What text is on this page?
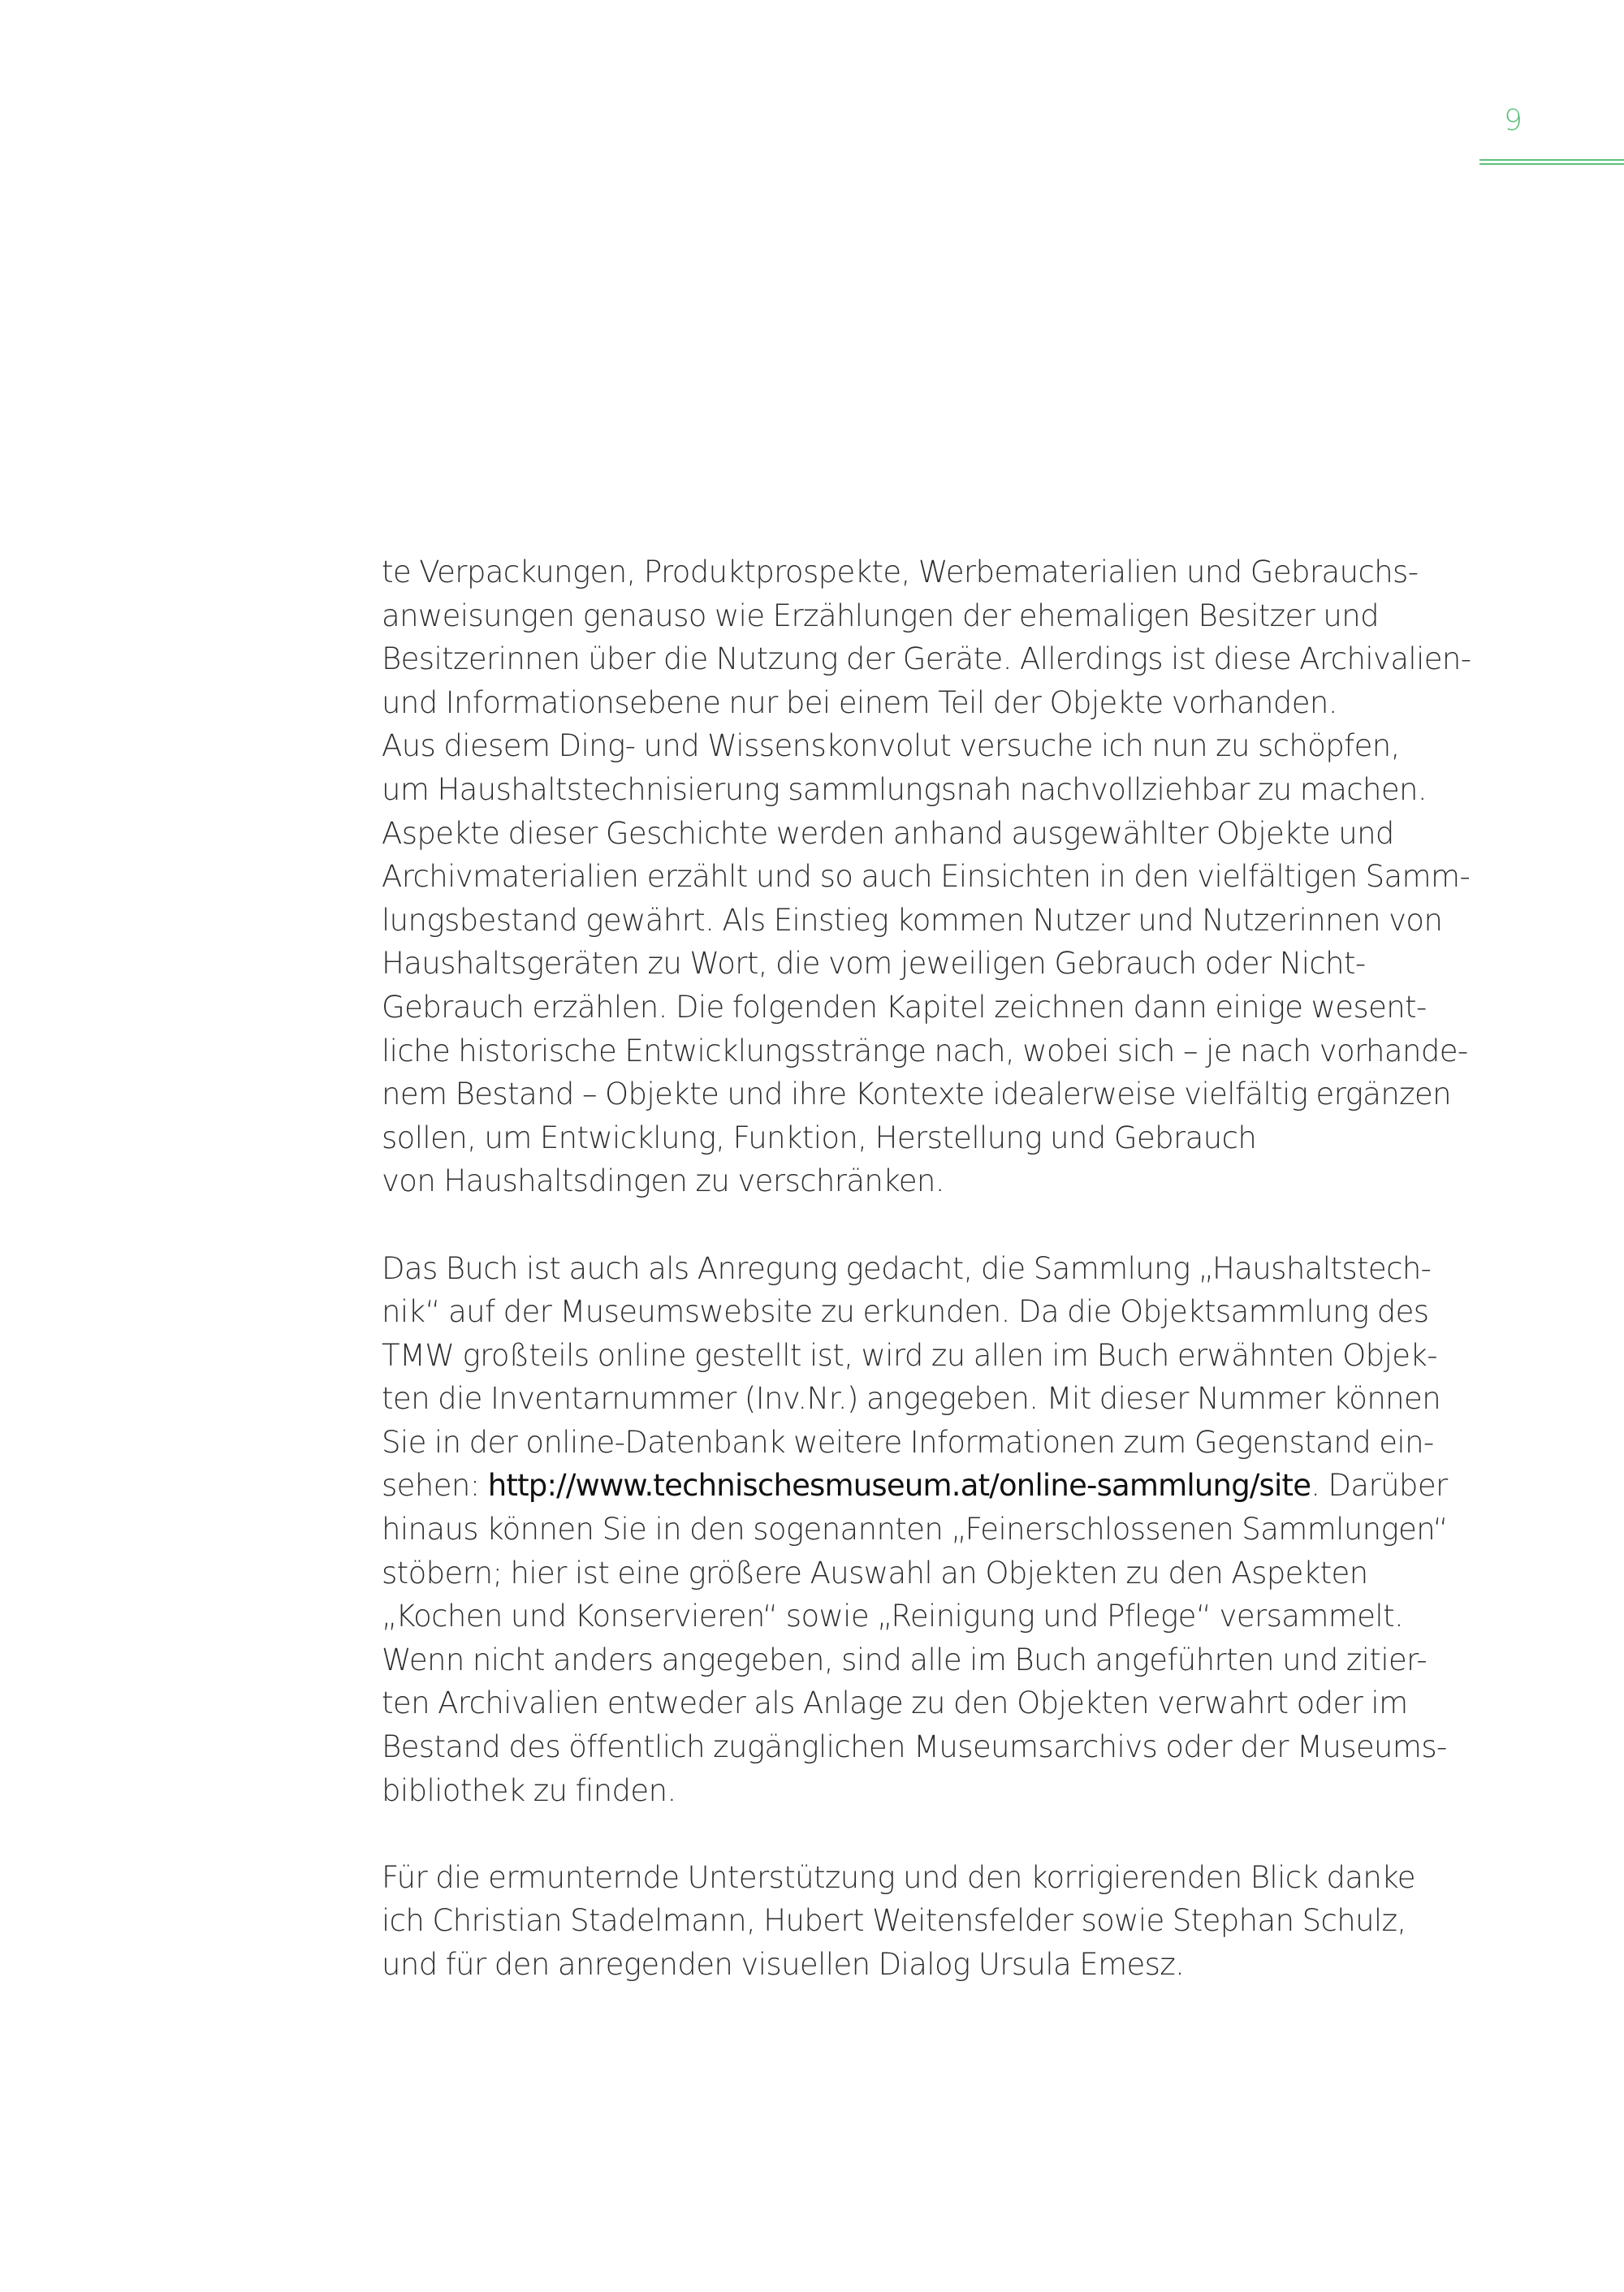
9

te Verpackungen, Produktprospekte, Werbematerialien und Gebrauchs-
anweisungen genauso wie Erzählungen der ehemaligen Besitzer und
Besitzerinnen über die Nutzung der Geräte. Allerdings ist diese Archivalien-
und Informationsebene nur bei einem Teil der Objekte vorhanden.
Aus diesem Ding- und Wissenskonvolut versuche ich nun zu schöpfen,
um Haushaltstechnisierung sammlungsnah nachvollziehbar zu machen.
Aspekte dieser Geschichte werden anhand ausgewählter Objekte und
Archivmaterialien erzählt und so auch Einsichten in den vielfältigen Samm-
lungsbestand gewährt. Als Einstieg kommen Nutzer und Nutzerinnen von
Haushaltsgeräten zu Wort, die vom jeweiligen Gebrauch oder Nicht-
Gebrauch erzählen. Die folgenden Kapitel zeichnen dann einige wesent-
liche historische Entwicklungsstränge nach, wobei sich – je nach vorhande-
nem Bestand – Objekte und ihre Kontexte idealerweise vielfältig ergänzen
sollen, um Entwicklung, Funktion, Herstellung und Gebrauch
von Haushaltsdingen zu verschränken.

Das Buch ist auch als Anregung gedacht, die Sammlung „Haushaltstech-
nik“ auf der Museumswebsite zu erkunden. Da die Objektsammlung des
TMW großteils online gestellt ist, wird zu allen im Buch erwähnten Objek-
ten die Inventarnummer (Inv.Nr.) angegeben. Mit dieser Nummer können
Sie in der online-Datenbank weitere Informationen zum Gegenstand ein-
sehen: http://www.technischesmuseum.at/online-sammlung/site. Darüber
hinaus können Sie in den sogenannten „Feinerschlossenen Sammlungen“
stöbern; hier ist eine größere Auswahl an Objekten zu den Aspekten
„Kochen und Konservieren“ sowie „Reinigung und Pflege“ versammelt.
Wenn nicht anders angegeben, sind alle im Buch angeführten und zitier-
ten Archivalien entweder als Anlage zu den Objekten verwahrt oder im
Bestand des öffentlich zugänglichen Museumsarchivs oder der Museums-
bibliothek zu finden.

Für die ermunternde Unterstützung und den korrigierenden Blick danke
ich Christian Stadelmann, Hubert Weitensfelder sowie Stephan Schulz,
und für den anregenden visuellen Dialog Ursula Emesz.
